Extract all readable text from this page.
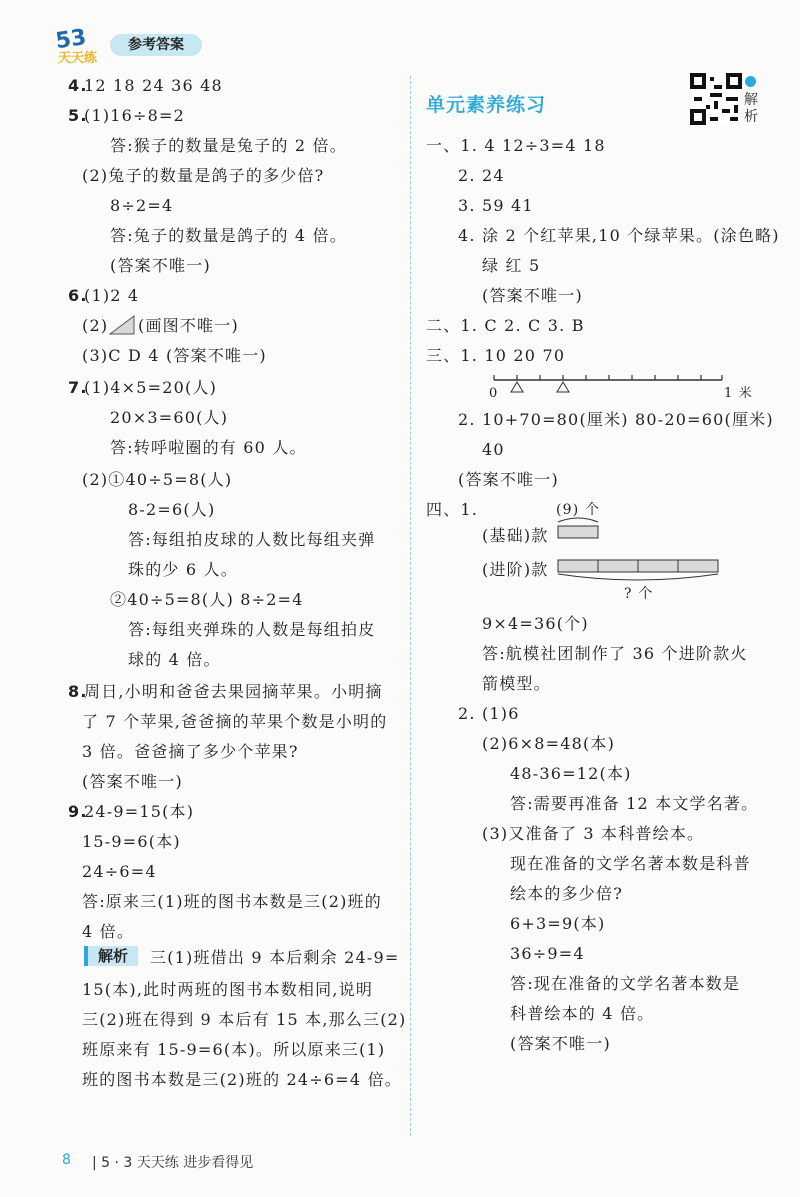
53
天天练
参考答案
4.
12 18 24 36 48
5.
(1)16÷8=2
答:猴子的数量是兔子的 2 倍。
(2)兔子的数量是鸽子的多少倍?
8÷2=4
答:兔子的数量是鸽子的 4 倍。
(答案不唯一)
6.
(1)2 4
(2) (画图不唯一)
(3)C D 4 (答案不唯一)
7.
(1)4×5=20(人)
20×3=60(人)
答:转呼啦圈的有 60 人。
(2)①40÷5=8(人)
8-2=6(人)
答:每组拍皮球的人数比每组夹弹
珠的少 6 人。
②40÷5=8(人) 8÷2=4
答:每组夹弹珠的人数是每组拍皮
球的 4 倍。
8.
周日,小明和爸爸去果园摘苹果。小明摘
了 7 个苹果,爸爸摘的苹果个数是小明的
3 倍。爸爸摘了多少个苹果?
(答案不唯一)
9.
24-9=15(本)
15-9=6(本)
24÷6=4
答:原来三(1)班的图书本数是三(2)班的
4 倍。
三(1)班借出 9 本后剩余 24-9=
15(本),此时两班的图书本数相同,说明
三(2)班在得到 9 本后有 15 本,那么三(2)
班原来有 15-9=6(本)。所以原来三(1)
班的图书本数是三(2)班的 24÷6=4 倍。
解析
单元素养练习	解析
一、1. 4 12÷3=4 18
2. 24
3. 59 41
4. 涂 2 个红苹果,10 个绿苹果。(涂色略)
绿 红 5
(答案不唯一)
二、1. C 2. C 3. B
三、1. 10 20 70
2. 10+70=80(厘米) 80-20=60(厘米)
40
(答案不唯一)
四、1.
(基础)款
(进阶)款
9×4=36(个)
答:航模社团制作了 36 个进阶款火
箭模型。
2. (1)6
(2)6×8=48(本)
48-36=12(本)
答:需要再准备 12 本文学名著。
(3)又准备了 3 本科普绘本。
现在准备的文学名著本数是科普
绘本的多少倍?
6+3=9(本)
36÷9=4
答:现在准备的文学名著本数是
科普绘本的 4 倍。
(答案不唯一)
0	1 米
(9) 个
? 个
8 | 5 · 3 天天练 进步看得见
